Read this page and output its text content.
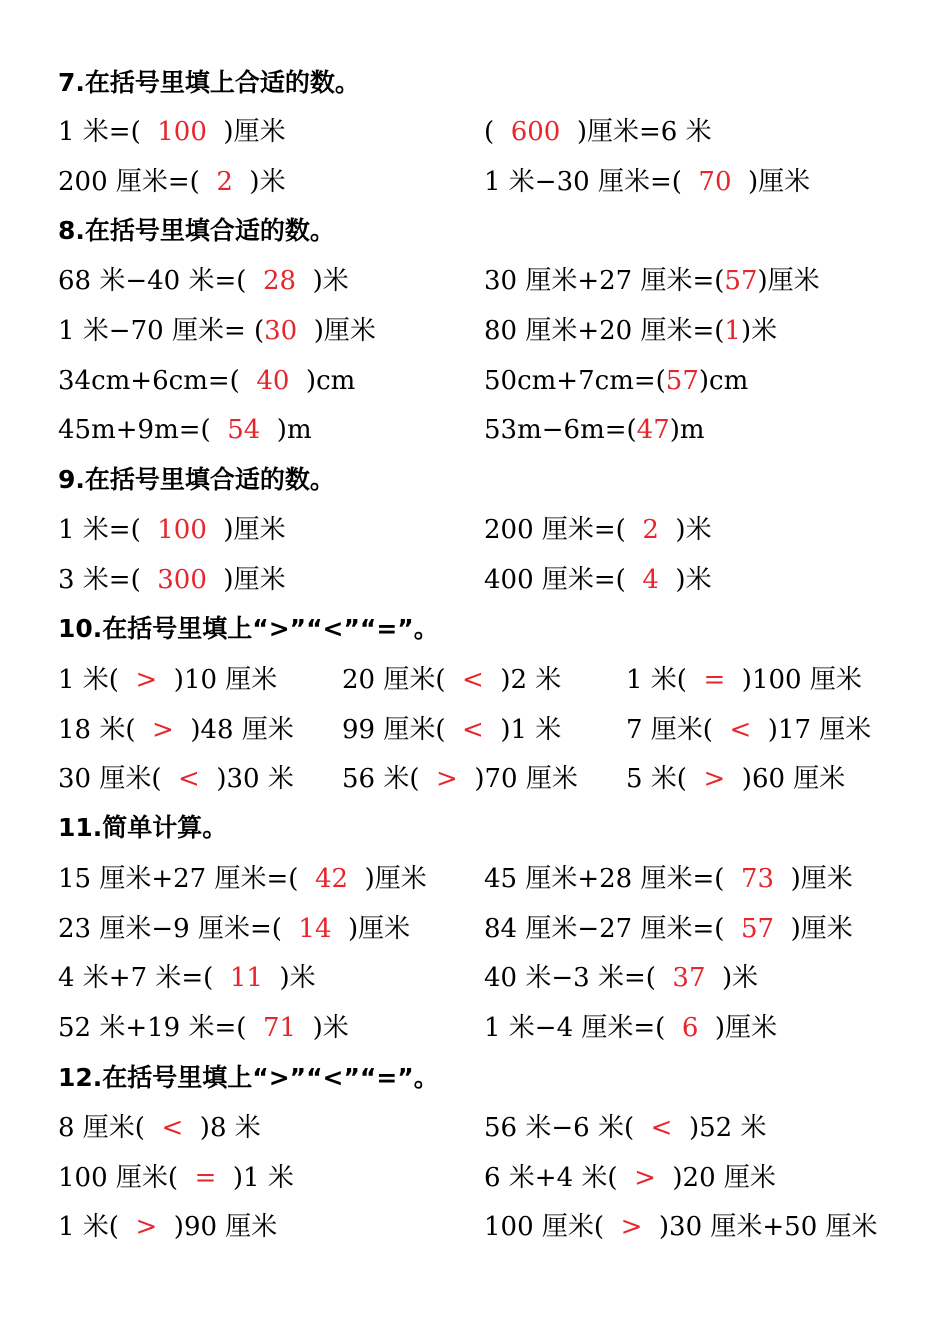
7.在括号里填上合适的数。
1 米=(  100  )厘米	(  600  )厘米=6 米
200 厘米=(  2  )米	1 米−30 厘米=(  70  )厘米
8.在括号里填合适的数。
68 米−40 米=(  28  )米	30 厘米+27 厘米=(57)厘米
1 米−70 厘米= (30  )厘米	80 厘米+20 厘米=(1)米
34cm+6cm=(  40  )cm	50cm+7cm=(57)cm
45m+9m=(  54  )m	53m−6m=(47)m
9.在括号里填合适的数。
1 米=(  100  )厘米	200 厘米=(  2  )米
3 米=(  300  )厘米	400 厘米=(  4  )米
10.在括号里填上“>”“<”“=”。
1 米(  >  )10 厘米 20 厘米(  <  )2 米 1 米(  =  )100 厘米
18 米(  >  )48 厘米 99 厘米(  <  )1 米 7 厘米(  <  )17 厘米
30 厘米(  <  )30 米 56 米(  >  )70 厘米 5 米(  >  )60 厘米
11.简单计算。
15 厘米+27 厘米=(  42  )厘米 45 厘米+28 厘米=(  73  )厘米
23 厘米−9 厘米=(  14  )厘米	84 厘米−27 厘米=(  57  )厘米
4 米+7 米=(  11  )米	40 米−3 米=(  37  )米
52 米+19 米=(  71  )米	1 米−4 厘米=(  6  )厘米
12.在括号里填上“>”“<”“=”。
8 厘米(  <  )8 米	56 米−6 米(  <  )52 米
100 厘米(  =  )1 米	6 米+4 米(  >  )20 厘米
1 米(  >  )90 厘米	100 厘米(  >  )30 厘米+50 厘米
